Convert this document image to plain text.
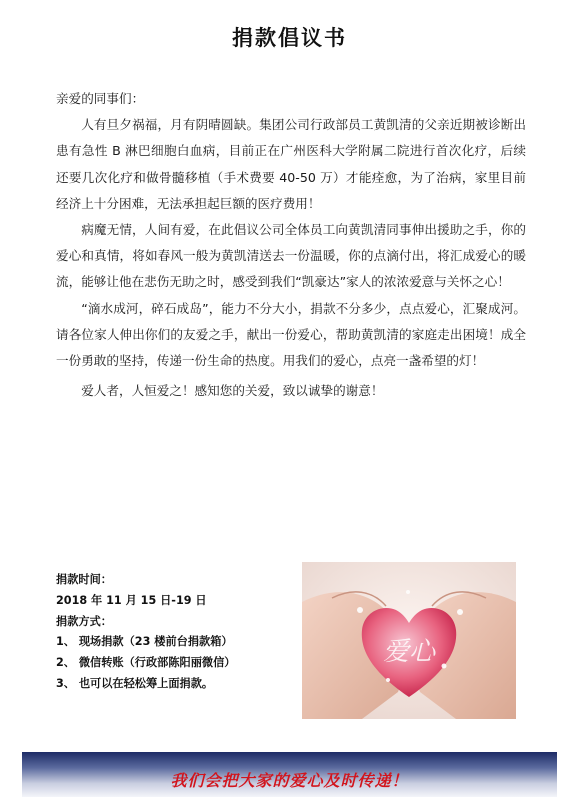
捐款倡议书

亲爱的同事们：

人有旦夕祸福，月有阴晴圆缺。集团公司行政部员工黄凯清的父亲近期被诊断出患有急性 B 淋巴细胞白血病，目前正在广州医科大学附属二院进行首次化疗，后续还要几次化疗和做骨髓移植（手术费要 40-50 万）才能痊愈，为了治病，家里目前经济上十分困难，无法承担起巨额的医疗费用！

病魔无情，人间有爱，在此倡议公司全体员工向黄凯清同事伸出援助之手，你的爱心和真情，将如春风一般为黄凯清送去一份温暖，你的点滴付出，将汇成爱心的暖流，能够让他在悲伤无助之时，感受到我们“凯豪达”家人的浓浓爱意与关怀之心！

“滴水成河，碎石成岛”，能力不分大小，捐款不分多少，点点爱心，汇聚成河。请各位家人伸出你们的友爱之手，献出一份爱心，帮助黄凯清的家庭走出困境！成全一份勇敢的坚持，传递一份生命的热度。用我们的爱心，点亮一盏希望的灯！

爱人者，人恒爱之！感知您的关爱，致以诚挚的谢意！

捐款时间：
2018 年 11 月 15 日-19 日
捐款方式：
1、 现场捐款（23 楼前台捐款箱）
2、 微信转账（行政部陈阳丽微信）
3、 也可以在轻松筹上面捐款。
爱心
我们会把大家的爱心及时传递！
